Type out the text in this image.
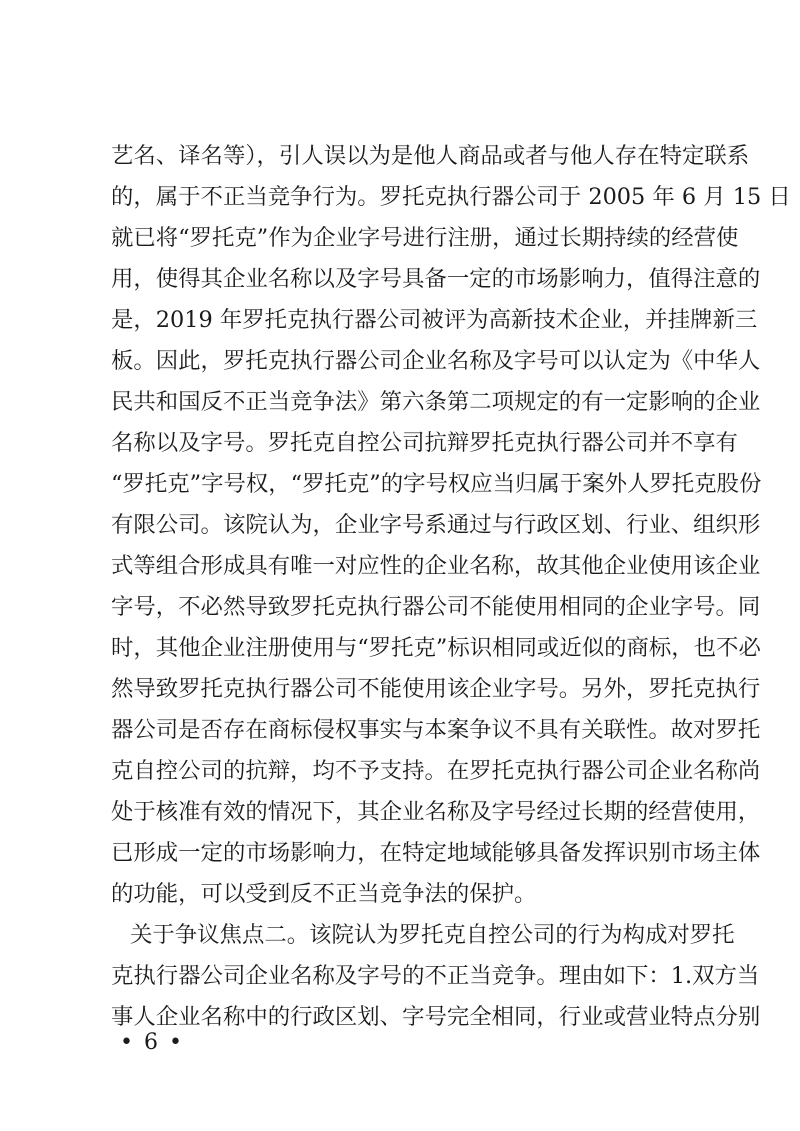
艺名、译名等），引人误以为是他人商品或者与他人存在特定联系
的，属于不正当竞争行为。罗托克执行器公司于 2005 年 6 月 15 日
就已将“罗托克”作为企业字号进行注册，通过长期持续的经营使
用，使得其企业名称以及字号具备一定的市场影响力，值得注意的
是，2019 年罗托克执行器公司被评为高新技术企业，并挂牌新三
板。因此，罗托克执行器公司企业名称及字号可以认定为《中华人
民共和国反不正当竞争法》第六条第二项规定的有一定影响的企业
名称以及字号。罗托克自控公司抗辩罗托克执行器公司并不享有
“罗托克”字号权，“罗托克”的字号权应当归属于案外人罗托克股份
有限公司。该院认为，企业字号系通过与行政区划、行业、组织形
式等组合形成具有唯一对应性的企业名称，故其他企业使用该企业
字号，不必然导致罗托克执行器公司不能使用相同的企业字号。同
时，其他企业注册使用与“罗托克”标识相同或近似的商标，也不必
然导致罗托克执行器公司不能使用该企业字号。另外，罗托克执行
器公司是否存在商标侵权事实与本案争议不具有关联性。故对罗托
克自控公司的抗辩，均不予支持。在罗托克执行器公司企业名称尚
处于核准有效的情况下，其企业名称及字号经过长期的经营使用，
已形成一定的市场影响力，在特定地域能够具备发挥识别市场主体
的功能，可以受到反不正当竞争法的保护。
关于争议焦点二。该院认为罗托克自控公司的行为构成对罗托
克执行器公司企业名称及字号的不正当竞争。理由如下：1.双方当
事人企业名称中的行政区划、字号完全相同，行业或营业特点分别
• 6 •
